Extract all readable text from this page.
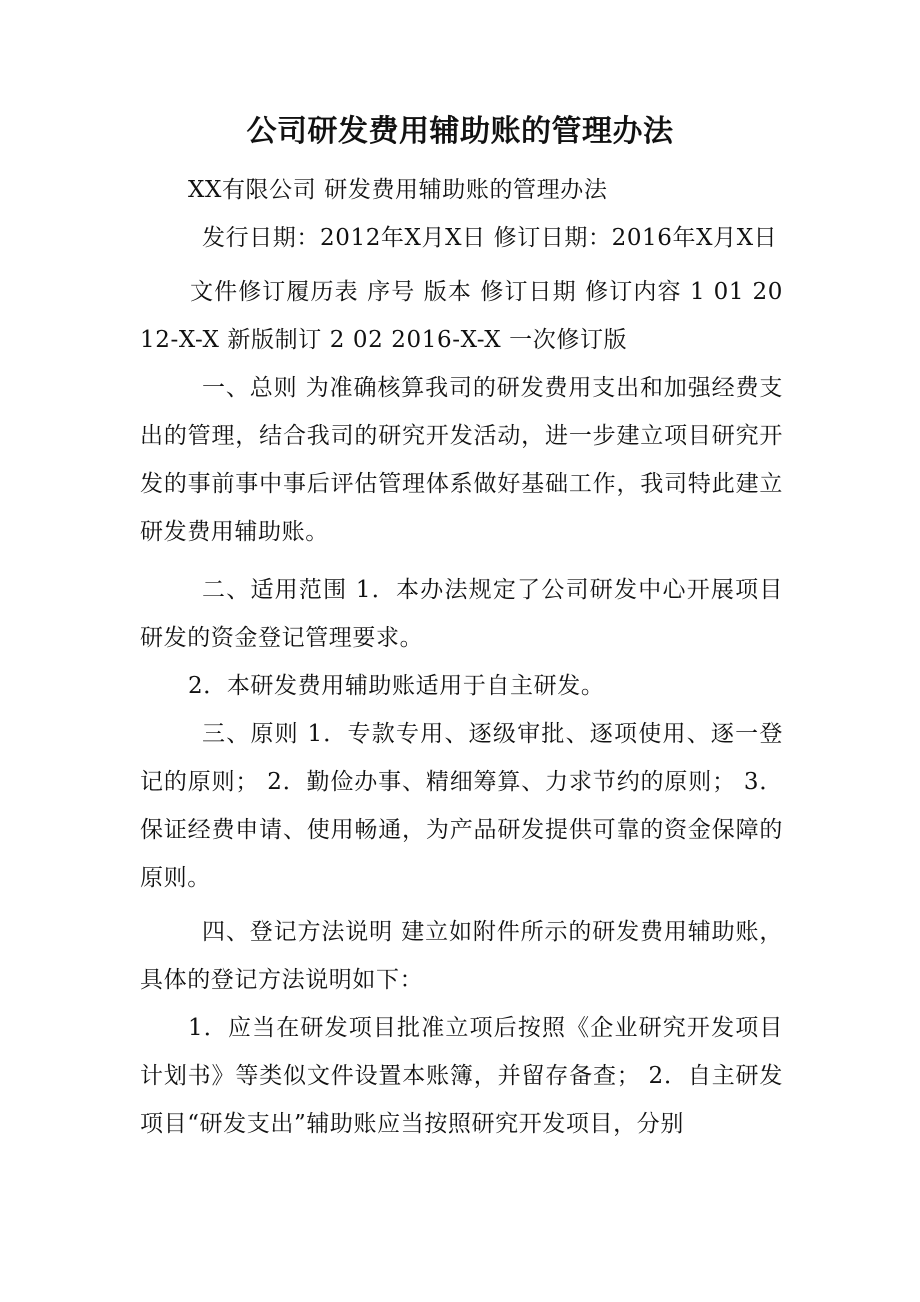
公司研发费用辅助账的管理办法

XX有限公司 研发费用辅助账的管理办法

发行日期：2012年X月X日 修订日期：2016年X月X日

文件修订履历表 序号 版本 修订日期 修订内容 1 01 2012-X-X 新版制订 2 02 2016-X-X 一次修订版

一、总则 为准确核算我司的研发费用支出和加强经费支出的管理，结合我司的研究开发活动，进一步建立项目研究开发的事前事中事后评估管理体系做好基础工作，我司特此建立研发费用辅助账。

二、适用范围 1．本办法规定了公司研发中心开展项目研发的资金登记管理要求。

2．本研发费用辅助账适用于自主研发。

三、原则 1．专款专用、逐级审批、逐项使用、逐一登记的原则； 2．勤俭办事、精细筹算、力求节约的原则； 3．保证经费申请、使用畅通，为产品研发提供可靠的资金保障的原则。

四、登记方法说明 建立如附件所示的研发费用辅助账，具体的登记方法说明如下：

1．应当在研发项目批准立项后按照《企业研究开发项目计划书》等类似文件设置本账簿，并留存备查； 2．自主研发项目“研发支出”辅助账应当按照研究开发项目，分别
